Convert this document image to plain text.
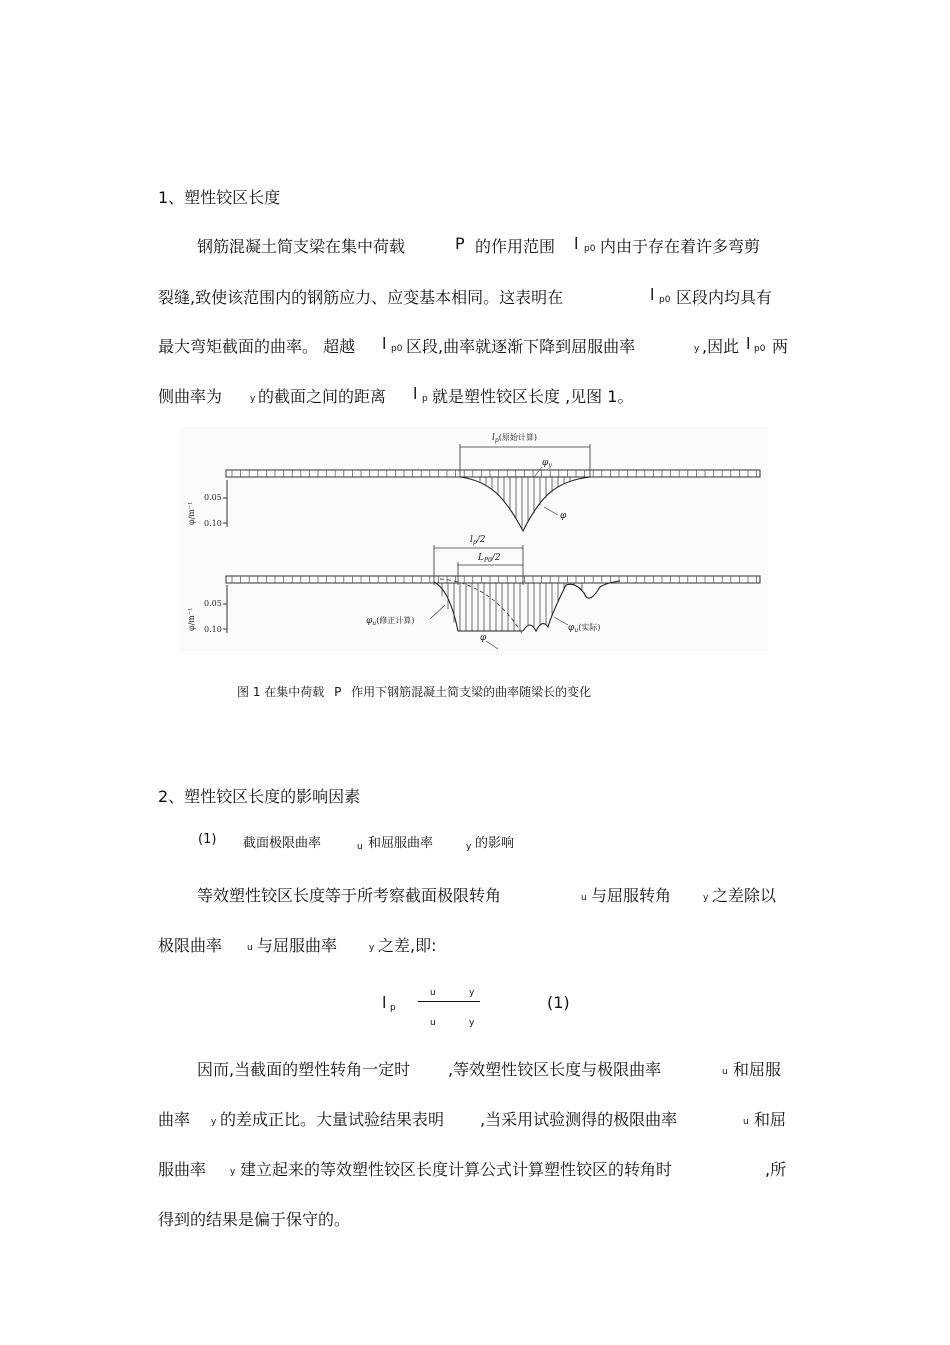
1、塑性铰区长度
钢筋混凝土简支梁在集中荷载	P 的作用范围 l p0 内由于存在着许多弯剪
裂缝,致使该范围内的钢筋应力、应变基本相同。这表明在	l p0 区段内均具有
最大弯矩截面的曲率。 超越 l p0 区段,曲率就逐渐下降到屈服曲率	y ,因此 l p0 两
侧曲率为	y 的截面之间的距离 l p 就是塑性铰区长度 ,见图 1。
0.05
0.10
φ/m⁻¹
$l_p$(原始计算)
$\varphi_y$
φ
0.05
0.10
φ/m⁻¹
$l_p/2$
$L_{P0}/2$
$\varphi_u$(修正计算)
$\varphi_u$(实际)
φ
图 1 在集中荷载 P 作用下钢筋混凝土简支梁的曲率随梁长的变化
2、塑性铰区长度的影响因素
(1) 截面极限曲率	u 和屈服曲率	y 的影响
等效塑性铰区长度等于所考察截面极限转角	u 与屈服转角	y 之差除以
极限曲率	u 与屈服曲率	y 之差,即:
l p
u	y
u	y
(1)
因而,当截面的塑性转角一定时 ,等效塑性铰区长度与极限曲率	u 和屈服
曲率 y 的差成正比。大量试验结果表明 ,当采用试验测得的极限曲率	u 和屈
服曲率	y 建立起来的等效塑性铰区长度计算公式计算塑性铰区的转角时	,所
得到的结果是偏于保守的。
